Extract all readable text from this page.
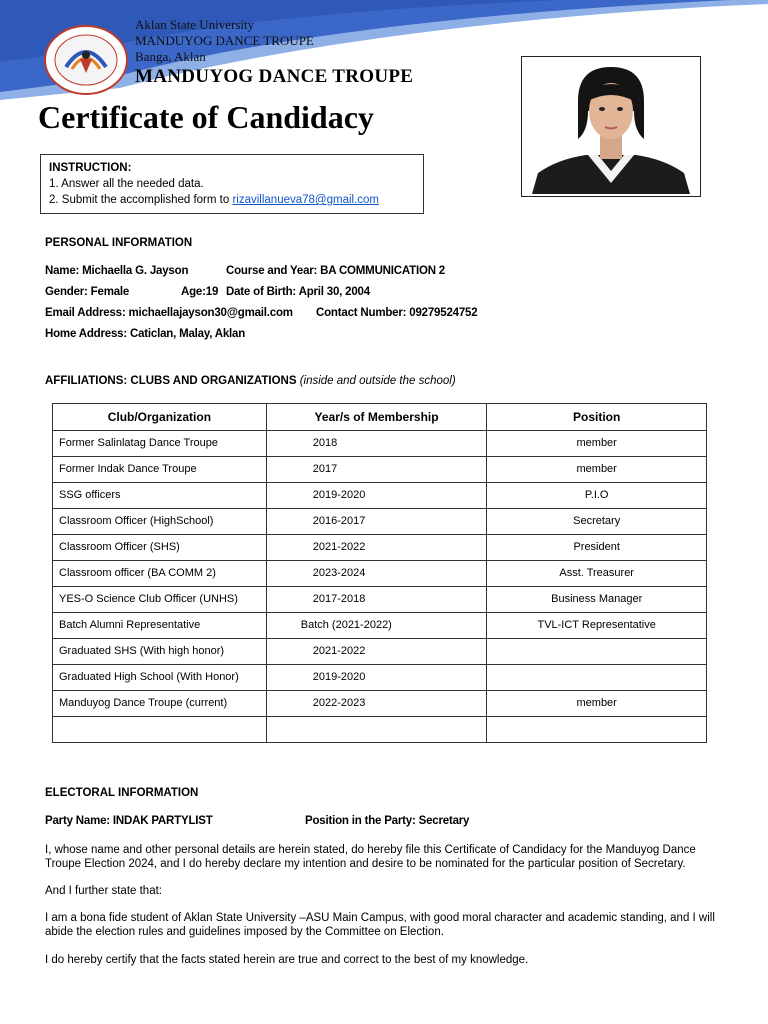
Aklan State University
MANDUYOG DANCE TROUPE
Banga, Aklan
MANDUYOG DANCE TROUPE
Certificate of Candidacy
INSTRUCTION:
1. Answer all the needed data.
2. Submit the accomplished form to rizavillanueva78@gmail.com
PERSONAL INFORMATION
Name: Michaella G. Jayson	Course and Year: BA COMMUNICATION 2
Gender: Female	Age:19 Date of Birth: April 30, 2004
Email Address: michaellajayson30@gmail.com Contact Number: 09279524752
Home Address: Caticlan, Malay, Aklan
AFFILIATIONS: CLUBS AND ORGANIZATIONS (inside and outside the school)
Club/Organization	Year/s of Membership	Position
Former Salinlatag Dance Troupe	2018	member
Former Indak Dance Troupe	2017	member
SSG officers	2019-2020	P.I.O
Classroom Officer (HighSchool)	2016-2017	Secretary
Classroom Officer (SHS)	2021-2022	President
Classroom officer (BA COMM 2)	2023-2024	Asst. Treasurer
YES-O Science Club Officer (UNHS)	2017-2018	Business Manager
Batch Alumni Representative	Batch (2021-2022)	TVL-ICT Representative
Graduated SHS (With high honor)	2021-2022	
Graduated High School (With Honor)	2019-2020	
Manduyog Dance Troupe (current)	2022-2023	member

ELECTORAL INFORMATION
Party Name: INDAK PARTYLIST	Position in the Party: Secretary
I, whose name and other personal details are herein stated, do hereby file this Certificate of Candidacy for the Manduyog Dance Troupe Election 2024, and I do hereby declare my intention and desire to be nominated for the particular position of Secretary.
And I further state that:
I am a bona fide student of Aklan State University –ASU Main Campus, with good moral character and academic standing, and I will abide the election rules and guidelines imposed by the Committee on Election.
I do hereby certify that the facts stated herein are true and correct to the best of my knowledge.
